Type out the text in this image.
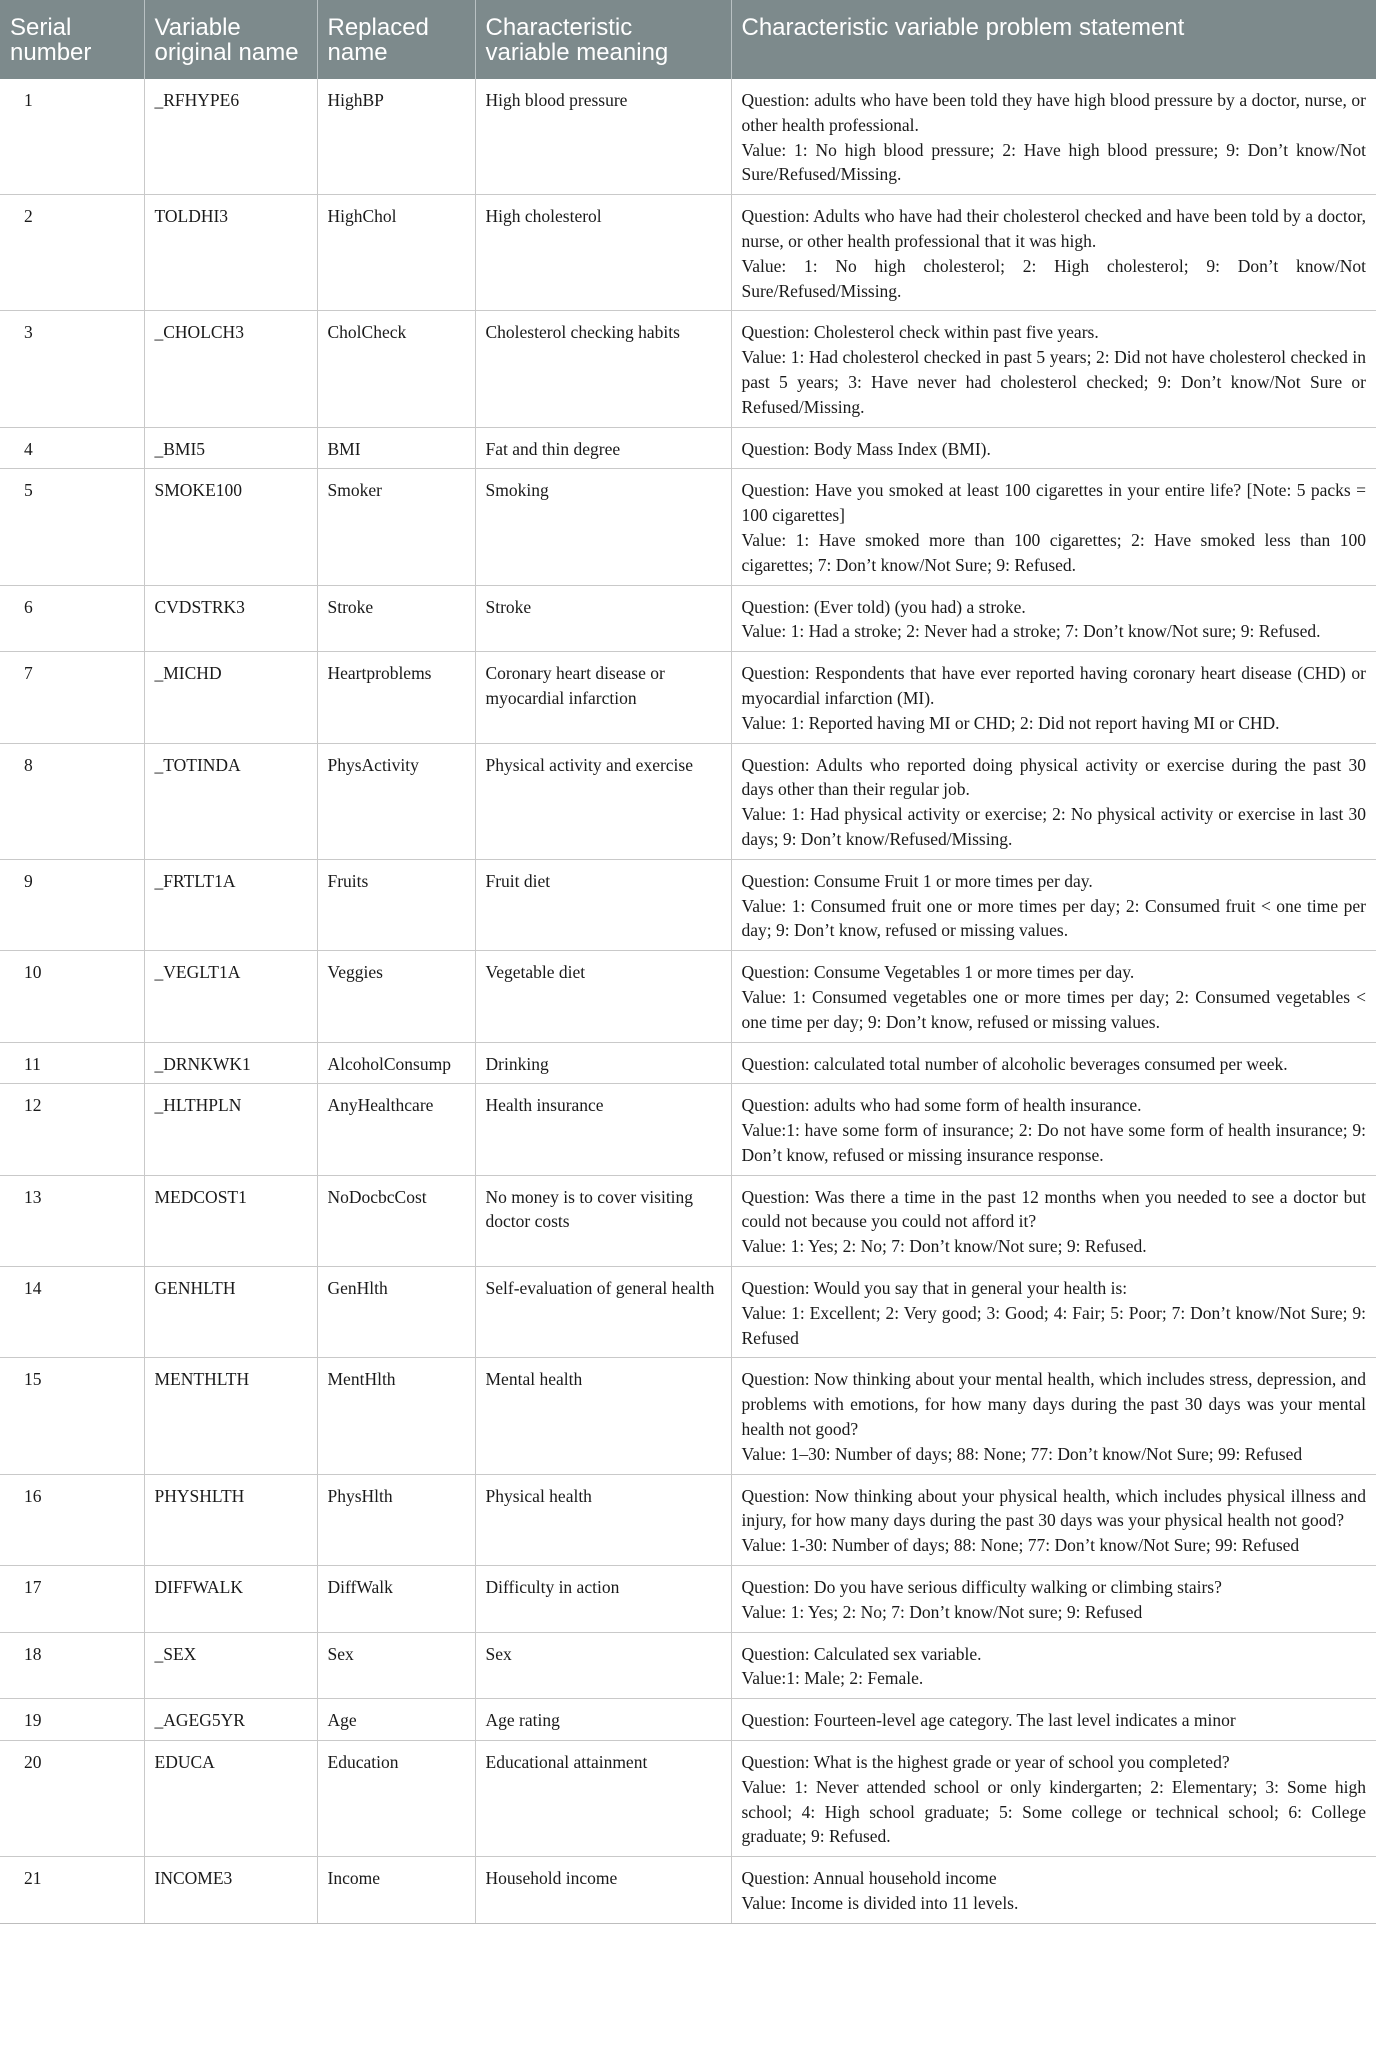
Serial number	Variable original name	Replaced name	Characteristic variable meaning	Characteristic variable problem statement
1	_RFHYPE6	HighBP	High blood pressure	Question: adults who have been told they have high blood pressure by a doctor, nurse, or other health professional.
Value: 1: No high blood pressure; 2: Have high blood pressure; 9: Don’t know/Not Sure/Refused/Missing.

2	TOLDHI3	HighChol	High cholesterol	Question: Adults who have had their cholesterol checked and have been told by a doctor, nurse, or other health professional that it was high.
Value: 1: No high cholesterol; 2: High cholesterol; 9: Don’t know/Not Sure/Refused/Missing.

3	_CHOLCH3	CholCheck	Cholesterol checking habits	Question: Cholesterol check within past five years.
Value: 1: Had cholesterol checked in past 5 years; 2: Did not have cholesterol checked in past 5 years; 3: Have never had cholesterol checked; 9: Don’t know/Not Sure or Refused/Missing.

4	_BMI5	BMI	Fat and thin degree	Question: Body Mass Index (BMI).

5	SMOKE100	Smoker	Smoking	Question: Have you smoked at least 100 cigarettes in your entire life? [Note: 5 packs = 100 cigarettes]
Value: 1: Have smoked more than 100 cigarettes; 2: Have smoked less than 100 cigarettes; 7: Don’t know/Not Sure; 9: Refused.

6	CVDSTRK3	Stroke	Stroke	Question: (Ever told) (you had) a stroke.
Value: 1: Had a stroke; 2: Never had a stroke; 7: Don’t know/Not sure; 9: Refused.

7	_MICHD	Heartproblems	Coronary heart disease or myocardial infarction	Question: Respondents that have ever reported having coronary heart disease (CHD) or myocardial infarction (MI).
Value: 1: Reported having MI or CHD; 2: Did not report having MI or CHD.

8	_TOTINDA	PhysActivity	Physical activity and exercise	Question: Adults who reported doing physical activity or exercise during the past 30 days other than their regular job.
Value: 1: Had physical activity or exercise; 2: No physical activity or exercise in last 30 days; 9: Don’t know/Refused/Missing.

9	_FRTLT1A	Fruits	Fruit diet	Question: Consume Fruit 1 or more times per day.
Value: 1: Consumed fruit one or more times per day; 2: Consumed fruit < one time per day; 9: Don’t know, refused or missing values.

10	_VEGLT1A	Veggies	Vegetable diet	Question: Consume Vegetables 1 or more times per day.
Value: 1: Consumed vegetables one or more times per day; 2: Consumed vegetables < one time per day; 9: Don’t know, refused or missing values.

11	_DRNKWK1	AlcoholConsump	Drinking	Question: calculated total number of alcoholic beverages consumed per week.

12	_HLTHPLN	AnyHealthcare	Health insurance	Question: adults who had some form of health insurance.
Value:1: have some form of insurance; 2: Do not have some form of health insurance; 9: Don’t know, refused or missing insurance response.

13	MEDCOST1	NoDocbcCost	No money is to cover visiting doctor costs	Question: Was there a time in the past 12 months when you needed to see a doctor but could not because you could not afford it?
Value: 1: Yes; 2: No; 7: Don’t know/Not sure; 9: Refused.

14	GENHLTH	GenHlth	Self-evaluation of general health	Question: Would you say that in general your health is:
Value: 1: Excellent; 2: Very good; 3: Good; 4: Fair; 5: Poor; 7: Don’t know/Not Sure; 9: Refused

15	MENTHLTH	MentHlth	Mental health	Question: Now thinking about your mental health, which includes stress, depression, and problems with emotions, for how many days during the past 30 days was your mental health not good?
Value: 1–30: Number of days; 88: None; 77: Don’t know/Not Sure; 99: Refused

16	PHYSHLTH	PhysHlth	Physical health	Question: Now thinking about your physical health, which includes physical illness and injury, for how many days during the past 30 days was your physical health not good?
Value: 1-30: Number of days; 88: None; 77: Don’t know/Not Sure; 99: Refused

17	DIFFWALK	DiffWalk	Difficulty in action	Question: Do you have serious difficulty walking or climbing stairs?
Value: 1: Yes; 2: No; 7: Don’t know/Not sure; 9: Refused

18	_SEX	Sex	Sex	Question: Calculated sex variable.
Value:1: Male; 2: Female.

19	_AGEG5YR	Age	Age rating	Question: Fourteen-level age category. The last level indicates a minor

20	EDUCA	Education	Educational attainment	Question: What is the highest grade or year of school you completed?
Value: 1: Never attended school or only kindergarten; 2: Elementary; 3: Some high school; 4: High school graduate; 5: Some college or technical school; 6: College graduate; 9: Refused.

21	INCOME3	Income	Household income	Question: Annual household income
Value: Income is divided into 11 levels.
